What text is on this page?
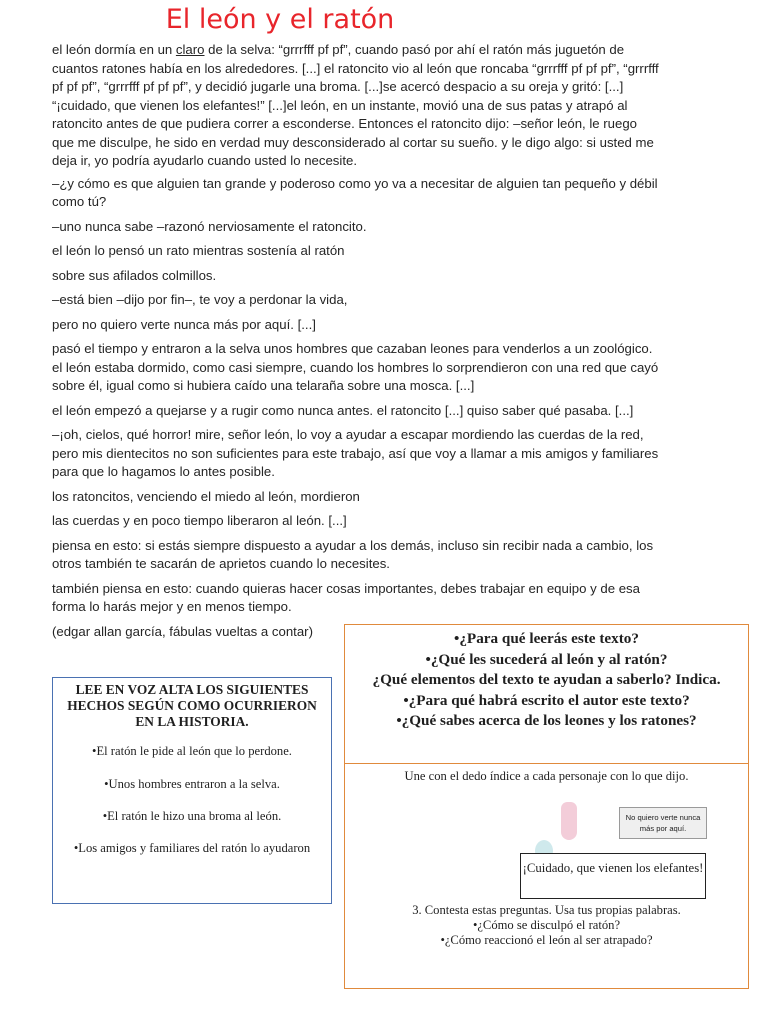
El león y el ratón

el león dormía en un claro de la selva: “grrrfff pf pf”, cuando pasó por ahí el ratón más juguetón de cuantos ratones había en los alrededores. [...] el ratoncito vio al león que roncaba “grrrfff pf pf pf”, “grrrfff pf pf pf”, “grrrfff pf pf pf”, y decidió jugarle una broma. [...]se acercó despacio a su oreja y gritó: [...] “¡cuidado, que vienen los elefantes!” [...]el león, en un instante, movió una de sus patas y atrapó al ratoncito antes de que pudiera correr a esconderse. Entonces el ratoncito dijo: –señor león, le ruego que me disculpe, he sido en verdad muy desconsiderado al cortar su sueño. y le digo algo: si usted me deja ir, yo podría ayudarlo cuando usted lo necesite.

–¿y cómo es que alguien tan grande y poderoso como yo va a necesitar de alguien tan pequeño y débil como tú?

–uno nunca sabe –razonó nerviosamente el ratoncito.

el león lo pensó un rato mientras sostenía al ratón

sobre sus afilados colmillos.

–está bien –dijo por fin–, te voy a perdonar la vida,

pero no quiero verte nunca más por aquí. [...]

pasó el tiempo y entraron a la selva unos hombres que cazaban leones para venderlos a un zoológico. el león estaba dormido, como casi siempre, cuando los hombres lo sorprendieron con una red que cayó sobre él, igual como si hubiera caído una telaraña sobre una mosca. [...]

el león empezó a quejarse y a rugir como nunca antes. el ratoncito [...] quiso saber qué pasaba. [...]

–¡oh, cielos, qué horror! mire, señor león, lo voy a ayudar a escapar mordiendo las cuerdas de la red, pero mis dientecitos no son suficientes para este trabajo, así que voy a llamar a mis amigos y familiares para que lo hagamos lo antes posible.

los ratoncitos, venciendo el miedo al león, mordieron

las cuerdas y en poco tiempo liberaron al león. [...]

piensa en esto: si estás siempre dispuesto a ayudar a los demás, incluso sin recibir nada a cambio, los otros también te sacarán de aprietos cuando lo necesites.

también piensa en esto: cuando quieras hacer cosas importantes, debes trabajar en equipo y de esa forma lo harás mejor y en menos tiempo.

(edgar allan garcía, fábulas vueltas a contar)

LEE EN VOZ ALTA LOS SIGUIENTES HECHOS SEGÚN COMO OCURRIERON EN LA HISTORIA.

•El ratón le pide al león que lo perdone.

•Unos hombres entraron a la selva.

•El ratón le hizo una broma al león.

•Los amigos y familiares del ratón lo ayudaron

•¿Para qué leerás este texto?
•¿Qué les sucederá al león y al ratón?
¿Qué elementos del texto te ayudan a saberlo? Indica.
•¿Para qué habrá escrito el autor este texto?
•¿Qué sabes acerca de los leones y los ratones?
Une con el dedo índice a cada personaje con lo que dijo.
No quiero verte nunca más por aquí.
¡Cuidado, que vienen los elefantes!
3. Contesta estas preguntas. Usa tus propias palabras.
•¿Cómo se disculpó el ratón?
•¿Cómo reaccionó el león al ser atrapado?
